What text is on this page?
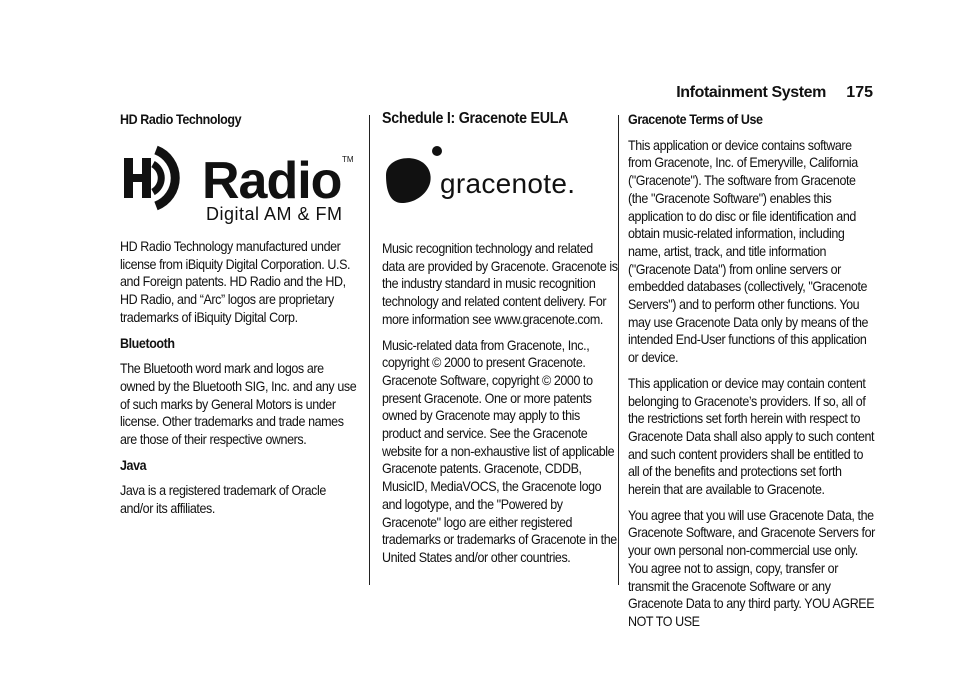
Infotainment System 175
HD Radio Technology
Radio TM
Digital AM & FM

HD Radio Technology manufactured under license from iBiquity Digital Corporation. U.S. and Foreign patents. HD Radio and the HD, HD Radio, and “Arc” logos are proprietary trademarks of iBiquity Digital Corp.

Bluetooth

The Bluetooth word mark and logos are owned by the Bluetooth SIG, Inc. and any use of such marks by General Motors is under license. Other trademarks and trade names are those of their respective owners.

Java

Java is a registered trademark of Oracle and/or its affiliates.

Schedule I: Gracenote EULA
gracenote.

Music recognition technology and related data are provided by Gracenote. Gracenote is the industry standard in music recognition technology and related content delivery. For more information see www.gracenote.com.

Music-related data from Gracenote, Inc., copyright © 2000 to present Gracenote. Gracenote Software, copyright © 2000 to present Gracenote. One or more patents owned by Gracenote may apply to this product and service. See the Gracenote website for a non-exhaustive list of applicable Gracenote patents. Gracenote, CDDB, MusicID, MediaVOCS, the Gracenote logo and logotype, and the "Powered by Gracenote" logo are either registered trademarks or trademarks of Gracenote in the United States and/or other countries.

Gracenote Terms of Use

This application or device contains software from Gracenote, Inc. of Emeryville, California ("Gracenote"). The software from Gracenote (the "Gracenote Software") enables this application to do disc or file identification and obtain music-related information, including name, artist, track, and title information ("Gracenote Data") from online servers or embedded databases (collectively, "Gracenote Servers") and to perform other functions. You may use Gracenote Data only by means of the intended End-User functions of this application or device.

This application or device may contain content belonging to Gracenote’s providers. If so, all of the restrictions set forth herein with respect to Gracenote Data shall also apply to such content and such content providers shall be entitled to all of the benefits and protections set forth herein that are available to Gracenote.

You agree that you will use Gracenote Data, the Gracenote Software, and Gracenote Servers for your own personal non-commercial use only. You agree not to assign, copy, transfer or transmit the Gracenote Software or any Gracenote Data to any third party. YOU AGREE NOT TO USE
